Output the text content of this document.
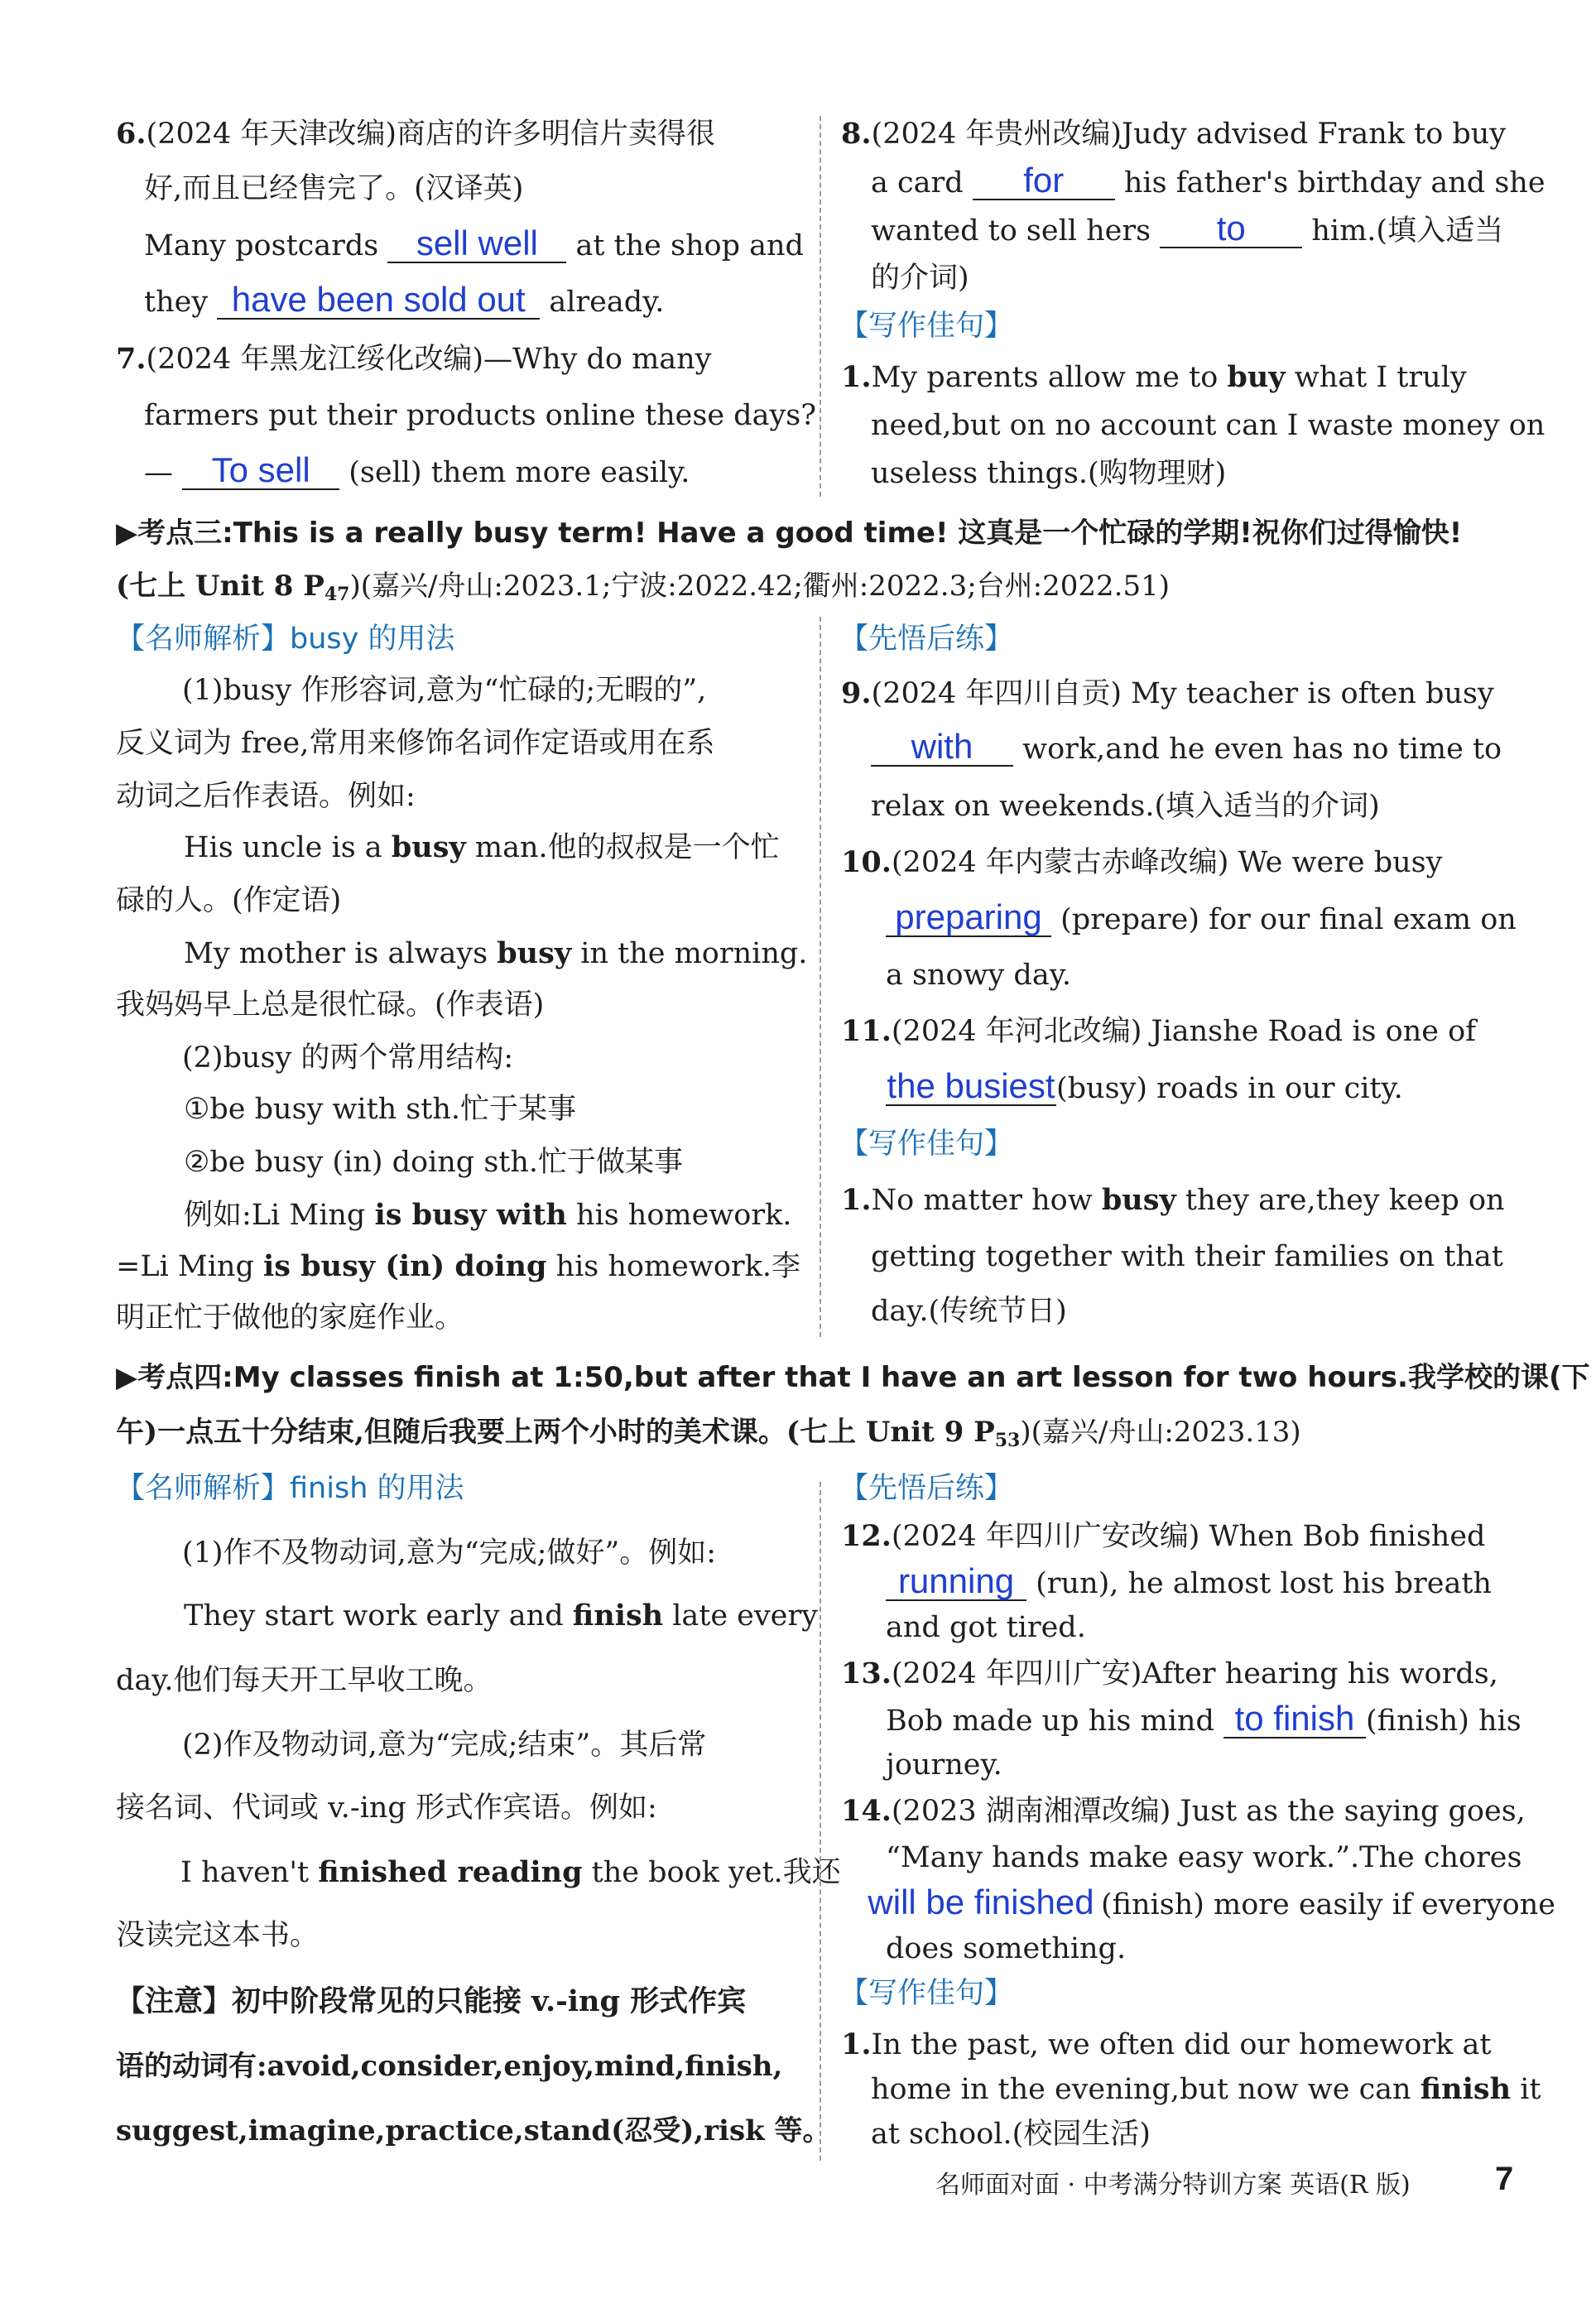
6.(2024 年天津改编)商店的许多明信片卖得很
好,而且已经售完了。(汉译英)
Many postcards sell well at the shop and
they have been sold out already.
7.(2024 年黑龙江绥化改编)—Why do many
farmers put their products online these days?
— To sell (sell) them more easily.
8.(2024 年贵州改编)Judy advised Frank to buy
a card for his father's birthday and she
wanted to sell hers to him.(填入适当
的介词)
【写作佳句】
1.My parents allow me to buy what I truly
need,but on no account can I waste money on
useless things.(购物理财)
▶考点三:This is a really busy term! Have a good time! 这真是一个忙碌的学期!祝你们过得愉快!
(七上 Unit 8 $P_{47}$)(嘉兴/舟山:2023.1;宁波:2022.42;衢州:2022.3;台州:2022.51)
【名师解析】busy 的用法
(1)busy 作形容词,意为“忙碌的;无暇的”,
反义词为 free,常用来修饰名词作定语或用在系
动词之后作表语。例如:
His uncle is a busy man.他的叔叔是一个忙
碌的人。(作定语)
My mother is always busy in the morning.
我妈妈早上总是很忙碌。(作表语)
(2)busy 的两个常用结构:
①be busy with sth.忙于某事
②be busy (in) doing sth.忙于做某事
例如:Li Ming is busy with his homework.
=Li Ming is busy (in) doing his homework.李
明正忙于做他的家庭作业。
【先悟后练】
9.(2024 年四川自贡) My teacher is often busy
with work,and he even has no time to
relax on weekends.(填入适当的介词)
10.(2024 年内蒙古赤峰改编) We were busy
preparing (prepare) for our final exam on
a snowy day.
11.(2024 年河北改编) Jianshe Road is one of
the busiest(busy) roads in our city.
【写作佳句】
1.No matter how busy they are,they keep on
getting together with their families on that
day.(传统节日)
▶考点四:My classes finish at 1:50,but after that I have an art lesson for two hours.我学校的课(下
午)一点五十分结束,但随后我要上两个小时的美术课。(七上 Unit 9 $P_{53}$)(嘉兴/舟山:2023.13)
【名师解析】finish 的用法
(1)作不及物动词,意为“完成;做好”。例如:
They start work early and finish late every
day.他们每天开工早收工晚。
(2)作及物动词,意为“完成;结束”。其后常
接名词、代词或 v.-ing 形式作宾语。例如:
I haven't finished reading the book yet.我还
没读完这本书。
【注意】初中阶段常见的只能接 v.-ing 形式作宾
语的动词有:avoid,consider,enjoy,mind,finish,
suggest,imagine,practice,stand(忍受),risk 等。
【先悟后练】
12.(2024 年四川广安改编) When Bob finished
running (run), he almost lost his breath
and got tired.
13.(2024 年四川广安)After hearing his words,
Bob made up his mind to finish (finish) his
journey.
14.(2023 湖南湘潭改编) Just as the saying goes,
“Many hands make easy work.”.The chores
will be finished (finish) more easily if everyone
does something.
【写作佳句】
1.In the past, we often did our homework at
home in the evening,but now we can finish it
at school.(校园生活)
名师面对面 · 中考满分特训方案 英语(R 版)	7
